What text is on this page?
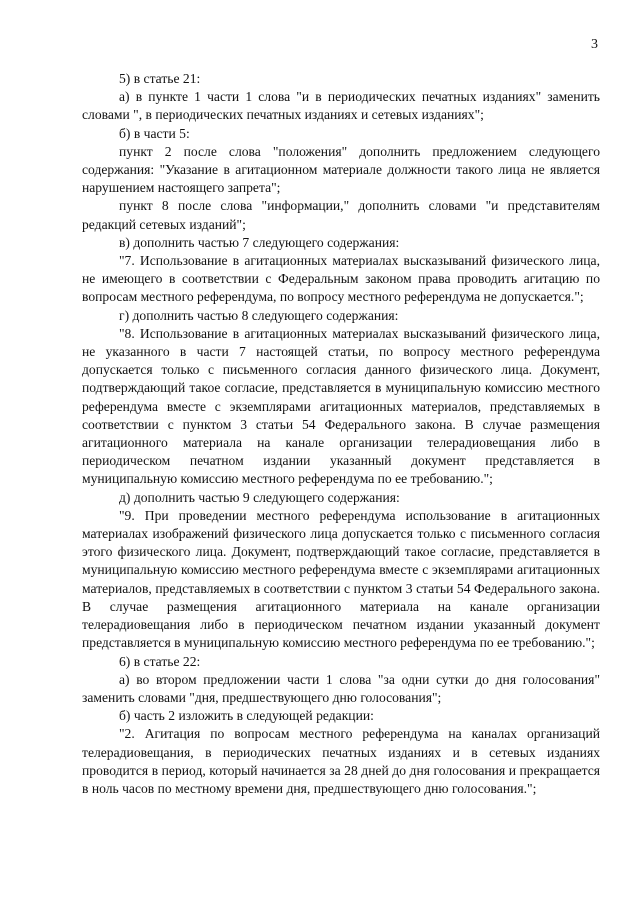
3

5) в статье 21:

а) в пункте 1 части 1 слова "и в периодических печатных изданиях" заменить словами ", в периодических печатных изданиях и сетевых изданиях";

б) в части 5:

пункт 2 после слова "положения" дополнить предложением следующего содержания: "Указание в агитационном материале должности такого лица не является нарушением настоящего запрета";

пункт 8 после слова "информации," дополнить словами "и представителям редакций сетевых изданий";

в) дополнить частью 7 следующего содержания:

"7. Использование в агитационных материалах высказываний физического лица, не имеющего в соответствии с Федеральным законом права проводить агитацию по вопросам местного референдума, по вопросу местного референдума не допускается.";

г) дополнить частью 8 следующего содержания:

"8. Использование в агитационных материалах высказываний физического лица, не указанного в части 7 настоящей статьи, по вопросу местного референдума допускается только с письменного согласия данного физического лица. Документ, подтверждающий такое согласие, представляется в муниципальную комиссию местного референдума вместе с экземплярами агитационных материалов, представляемых в соответствии с пунктом 3 статьи 54 Федерального закона. В случае размещения агитационного материала на канале организации телерадиовещания либо в периодическом печатном издании указанный документ представляется в муниципальную комиссию местного референдума по ее требованию.";

д) дополнить частью 9 следующего содержания:

"9. При проведении местного референдума использование в агитационных материалах изображений физического лица допускается только с письменного согласия этого физического лица. Документ, подтверждающий такое согласие, представляется в муниципальную комиссию местного референдума вместе с экземплярами агитационных материалов, представляемых в соответствии с пунктом 3 статьи 54 Федерального закона. В случае размещения агитационного материала на канале организации телерадиовещания либо в периодическом печатном издании указанный документ представляется в муниципальную комиссию местного референдума по ее требованию.";

6) в статье 22:

а) во втором предложении части 1 слова "за одни сутки до дня голосования" заменить словами "дня, предшествующего дню голосования";

б) часть 2 изложить в следующей редакции:

"2. Агитация по вопросам местного референдума на каналах организаций телерадиовещания, в периодических печатных изданиях и в сетевых изданиях проводится в период, который начинается за 28 дней до дня голосования и прекращается в ноль часов по местному времени дня, предшествующего дню голосования.";
